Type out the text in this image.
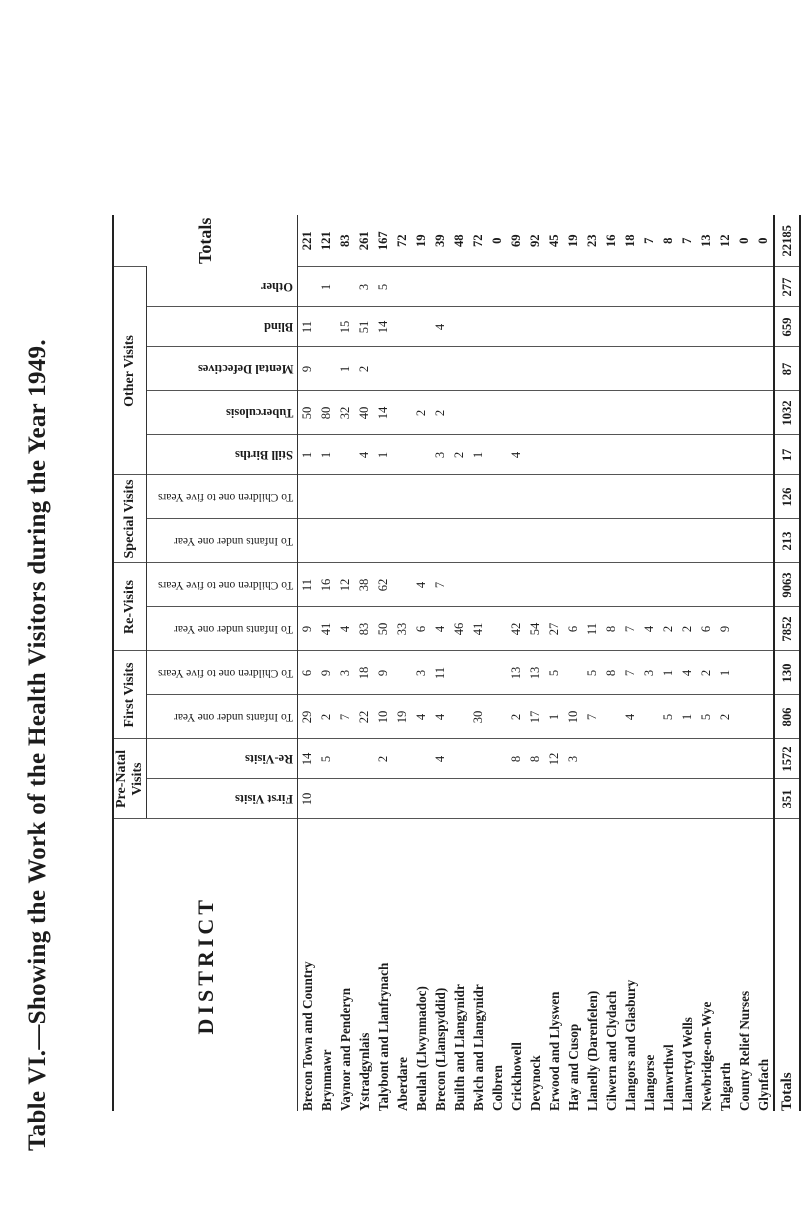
Table VI.—Showing the Work of the Health Visitors during the Year 1949.	DISTRICT	Pre-Natal Visits		First Visits		Re-Visits		Special Visits		Other Visits					Totals

	First Visits	Re-Visits	To Infants under one Year	To Children one to five Years	To Infants under one Year	To Children one to five Years	To Infants under one Year	To Children one to five Years	Still Births	Tuberculosis	Mental Defectives	Blind	Other	

Brecon Town and Country	10	14	29	6	9	11			1	50	9	11		221
Brynmawr		5	2	9	41	16			1	80			1	121
Vaynor and Penderyn			7	3	4	12				32	1	15		83
Ystradgynlais			22	18	83	38			4	40	2	51	3	261
Talybont and Llanfrynach		2	10	9	50	62			1	14		14	5	167
Aberdare			19		33									72
Beulah (Llwynmadoc)			4	3	6	4				2				19
Brecon (Llanspyddid)		4	4	11	4	7			3	2		4		39
Builth and Llangynidr					46				2					48
Bwlch and Llangynidr			30		41				1					72
Colbren														0
Crickhowell		8	2	13	42				4					69
Devynock		8	17	13	54									92
Erwood and Llyswen		12	1	5	27									45
Hay and Cusop		3	10		6									19
Llanelly (Darenfelen)			7	5	11									23
Cilwern and Clydach				8	8									16
Llangors and Glasbury			4	7	7									18
Llangorse				3	4									7
Llanwrthwl			5	1	2									8
Llanwrtyd Wells			1	4	2									7
Newbridge-on-Wye			5	2	6									13
Talgarth			2	1	9									12
County Relief Nurses														0
Glynfach														0
Totals	351	1572	806	130	7852	9063	213	126	17	1032	87	659	277	22185
